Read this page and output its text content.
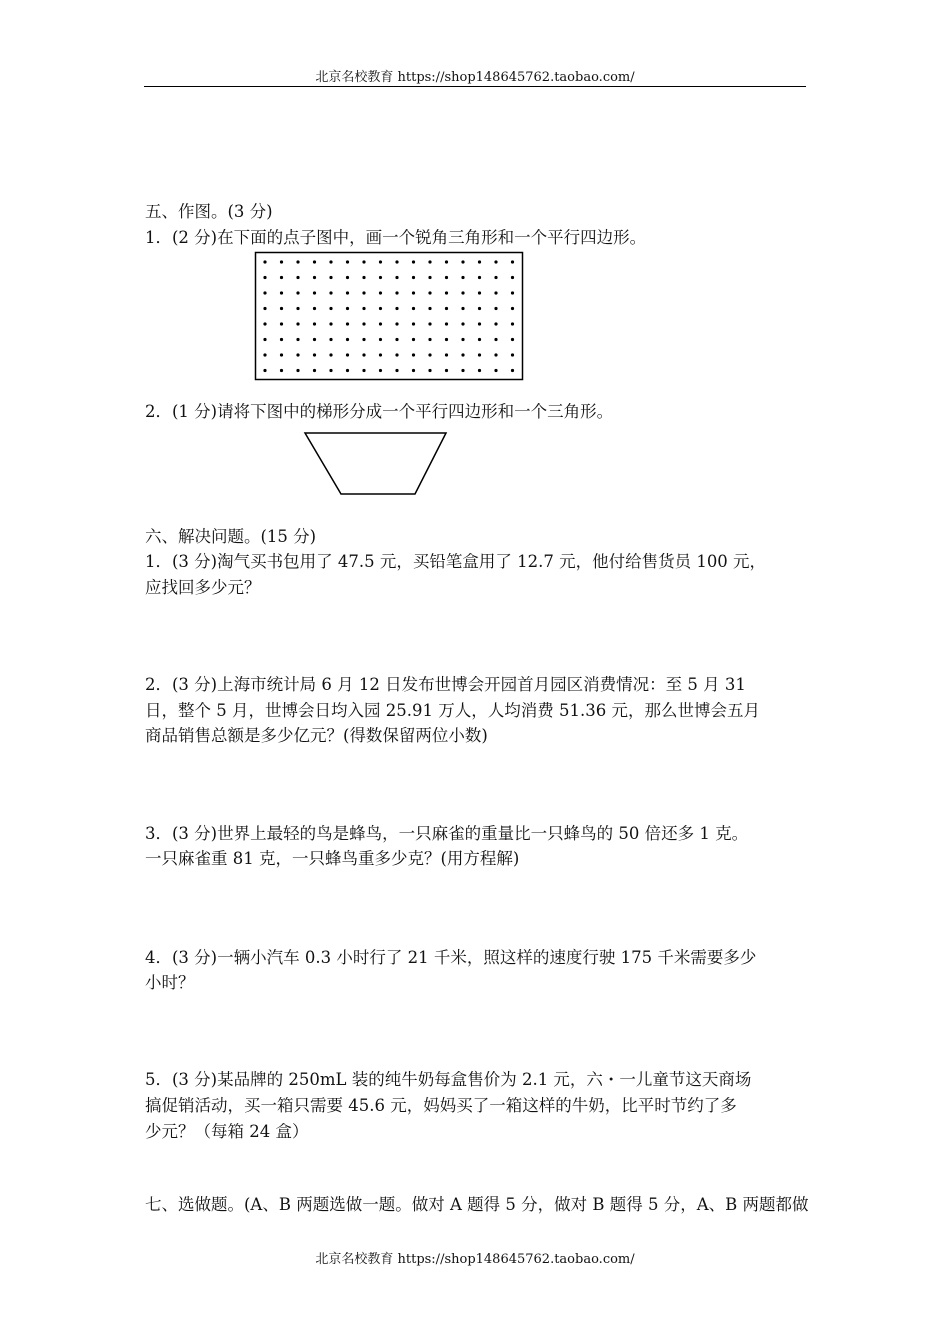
北京名校教育 https://shop148645762.taobao.com/
五、作图。(3 分)
1．(2 分)在下面的点子图中，画一个锐角三角形和一个平行四边形。
2．(1 分)请将下图中的梯形分成一个平行四边形和一个三角形。
六、解决问题。(15 分)
1．(3 分)淘气买书包用了 47.5 元，买铅笔盒用了 12.7 元，他付给售货员 100 元，
应找回多少元？
2．(3 分)上海市统计局 6 月 12 日发布世博会开园首月园区消费情况：至 5 月 31
日，整个 5 月，世博会日均入园 25.91 万人，人均消费 51.36 元，那么世博会五月
商品销售总额是多少亿元？(得数保留两位小数)
3．(3 分)世界上最轻的鸟是蜂鸟，一只麻雀的重量比一只蜂鸟的 50 倍还多 1 克。
一只麻雀重 81 克，一只蜂鸟重多少克？(用方程解)
4．(3 分)一辆小汽车 0.3 小时行了 21 千米，照这样的速度行驶 175 千米需要多少
小时？
5．(3 分)某品牌的 250mL 装的纯牛奶每盒售价为 2.1 元，六・一儿童节这天商场
搞促销活动，买一箱只需要 45.6 元，妈妈买了一箱这样的牛奶，比平时节约了多
少元？（每箱 24 盒）
七、选做题。(A、B 两题选做一题。做对 A 题得 5 分，做对 B 题得 5 分，A、B 两题都做
北京名校教育 https://shop148645762.taobao.com/
